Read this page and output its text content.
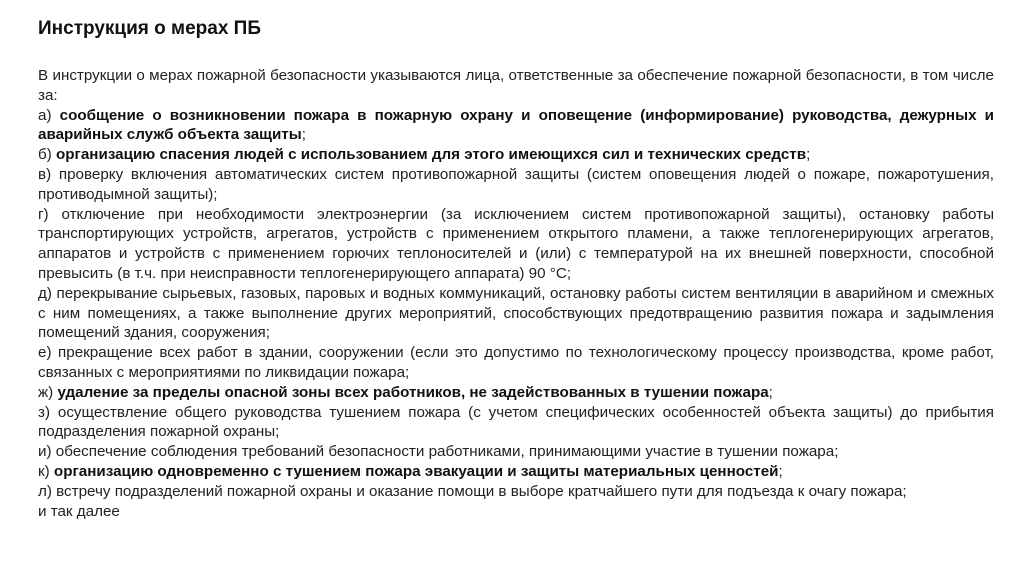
Инструкция о мерах ПБ

В инструкции о мерах пожарной безопасности указываются лица, ответственные за обеспечение пожарной безопасности, в том числе за:

а) сообщение о возникновении пожара в пожарную охрану и оповещение (информирование) руководства, дежурных и аварийных служб объекта защиты;

б) организацию спасения людей с использованием для этого имеющихся сил и технических средств;

в) проверку включения автоматических систем противопожарной защиты (систем оповещения людей о пожаре, пожаротушения, противодымной защиты);

г) отключение при необходимости электроэнергии (за исключением систем противопожарной защиты), остановку работы транспортирующих устройств, агрегатов, устройств с применением открытого пламени, а также теплогенерирующих агрегатов, аппаратов и устройств с применением горючих теплоносителей и (или) с температурой на их внешней поверхности, способной превысить (в т.ч. при неисправности теплогенерирующего аппарата) 90 °С;

д) перекрывание сырьевых, газовых, паровых и водных коммуникаций, остановку работы систем вентиляции в аварийном и смежных с ним помещениях, а также выполнение других мероприятий, способствующих предотвращению развития пожара и задымления помещений здания, сооружения;

е) прекращение всех работ в здании, сооружении (если это допустимо по технологическому процессу производства, кроме работ, связанных с мероприятиями по ликвидации пожара;

ж) удаление за пределы опасной зоны всех работников, не задействованных в тушении пожара;

з) осуществление общего руководства тушением пожара (с учетом специфических особенностей объекта защиты) до прибытия подразделения пожарной охраны;

и) обеспечение соблюдения требований безопасности работниками, принимающими участие в тушении пожара;

к) организацию одновременно с тушением пожара эвакуации и защиты материальных ценностей;

л) встречу подразделений пожарной охраны и оказание помощи в выборе кратчайшего пути для подъезда к очагу пожара;

и так далее
